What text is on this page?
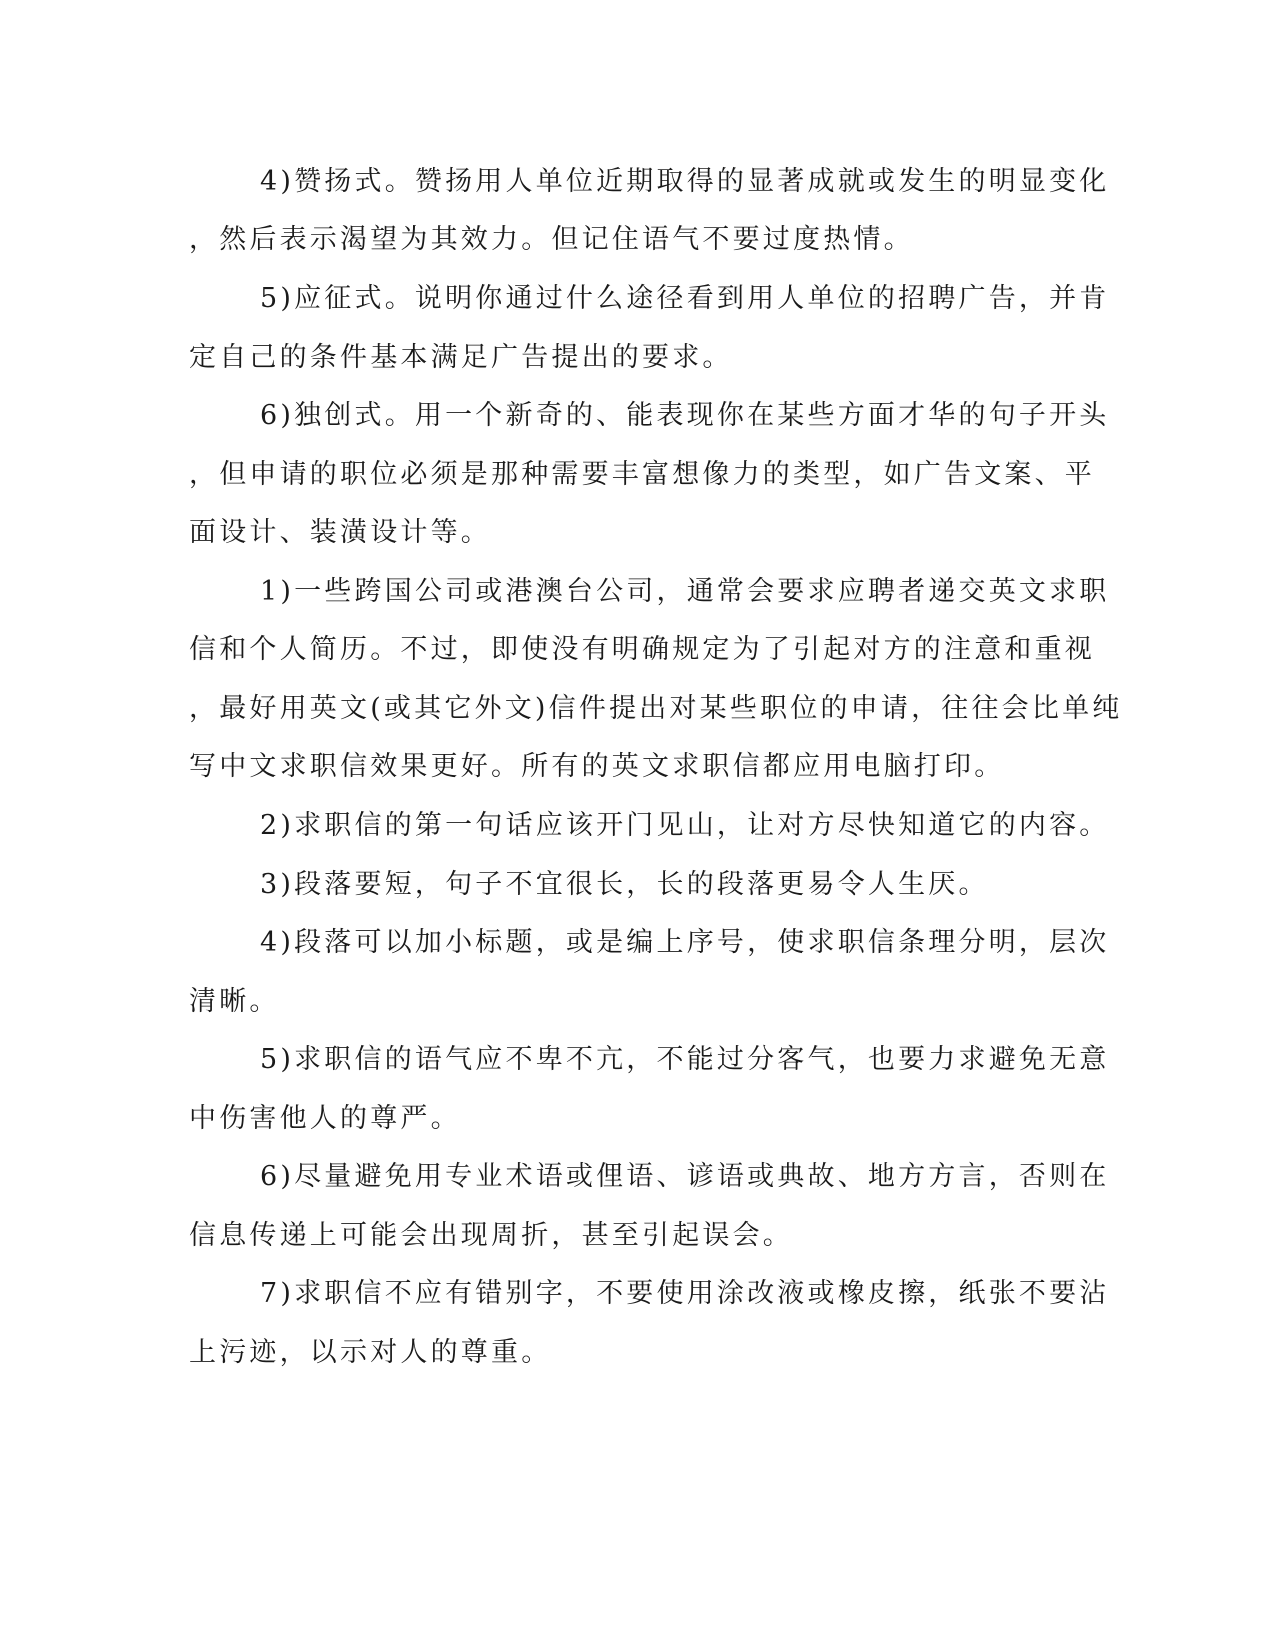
4)赞扬式。赞扬用人单位近期取得的显著成就或发生的明显变化
，然后表示渴望为其效力。但记住语气不要过度热情。
5)应征式。说明你通过什么途径看到用人单位的招聘广告，并肯
定自己的条件基本满足广告提出的要求。
6)独创式。用一个新奇的、能表现你在某些方面才华的句子开头
，但申请的职位必须是那种需要丰富想像力的类型，如广告文案、平
面设计、装潢设计等。
1)一些跨国公司或港澳台公司，通常会要求应聘者递交英文求职
信和个人简历。不过，即使没有明确规定为了引起对方的注意和重视
，最好用英文(或其它外文)信件提出对某些职位的申请，往往会比单纯
写中文求职信效果更好。所有的英文求职信都应用电脑打印。
2)求职信的第一句话应该开门见山，让对方尽快知道它的内容。
3)段落要短，句子不宜很长，长的段落更易令人生厌。
4)段落可以加小标题，或是编上序号，使求职信条理分明，层次
清晰。
5)求职信的语气应不卑不亢，不能过分客气，也要力求避免无意
中伤害他人的尊严。
6)尽量避免用专业术语或俚语、谚语或典故、地方方言，否则在
信息传递上可能会出现周折，甚至引起误会。
7)求职信不应有错别字，不要使用涂改液或橡皮擦，纸张不要沾
上污迹，以示对人的尊重。
